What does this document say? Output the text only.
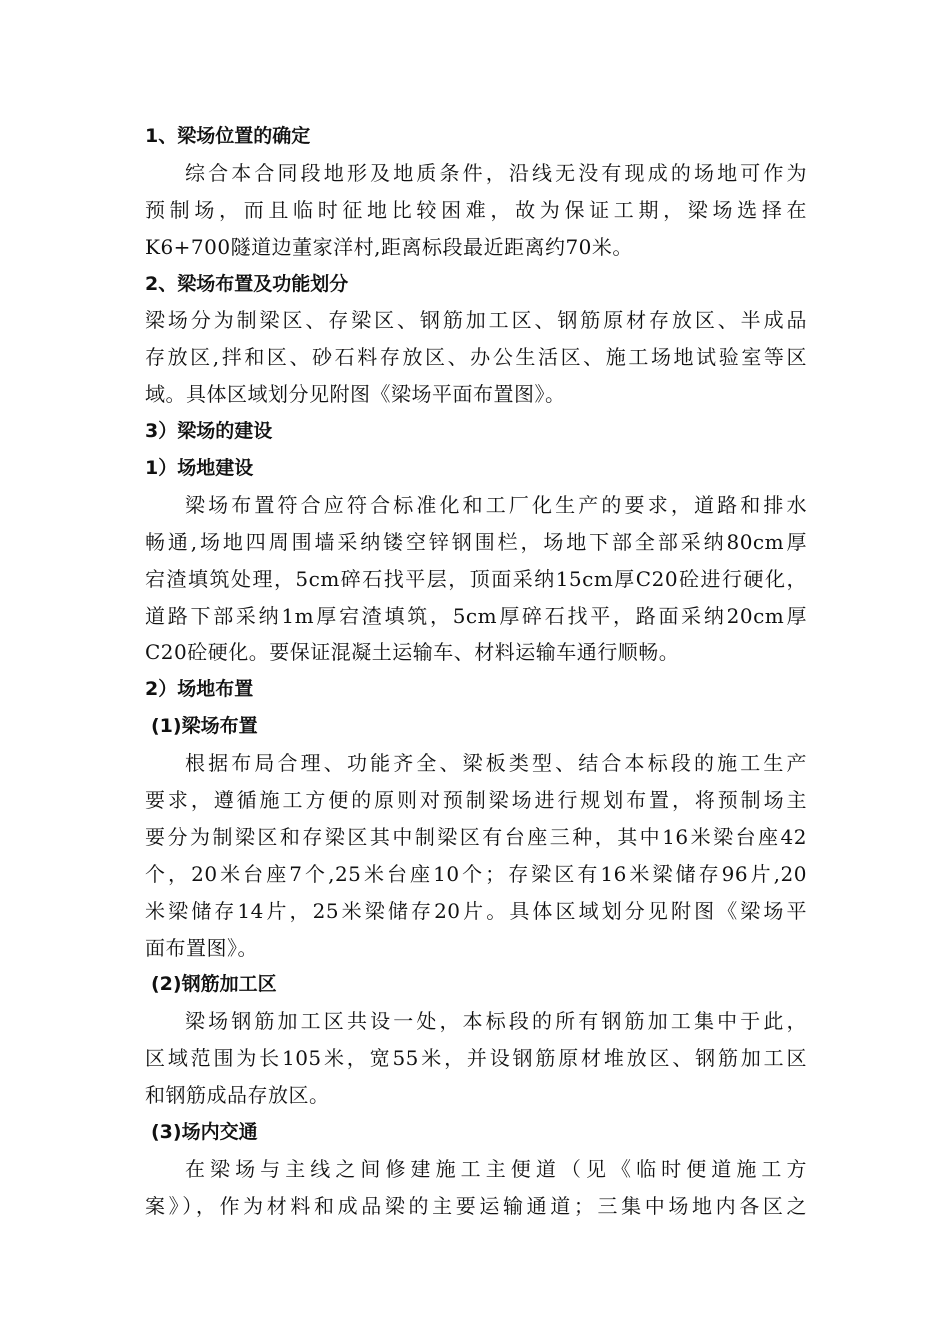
1、梁场位置的确定
综合本合同段地形及地质条件，沿线无没有现成的场地可作为
预制场，而且临时征地比较困难，故为保证工期，梁场选择在
K6+700隧道边董家洋村,距离标段最近距离约70米。
2、梁场布置及功能划分
梁场分为制梁区、存梁区、钢筋加工区、钢筋原材存放区、半成品
存放区,拌和区、砂石料存放区、办公生活区、施工场地试验室等区
域。具体区域划分见附图《梁场平面布置图》。
3）梁场的建设
1）场地建设
梁场布置符合应符合标准化和工厂化生产的要求，道路和排水
畅通,场地四周围墙采纳镂空锌钢围栏，场地下部全部采纳80cm厚
宕渣填筑处理，5cm碎石找平层，顶面采纳15cm厚C20砼进行硬化，
道路下部采纳1m厚宕渣填筑，5cm厚碎石找平，路面采纳20cm厚
C20砼硬化。要保证混凝土运输车、材料运输车通行顺畅。
2）场地布置
(1)梁场布置
根据布局合理、功能齐全、梁板类型、结合本标段的施工生产
要求，遵循施工方便的原则对预制梁场进行规划布置，将预制场主
要分为制梁区和存梁区其中制梁区有台座三种，其中16米梁台座42
个，20米台座7个,25米台座10个；存梁区有16米梁储存96片,20
米梁储存14片，25米梁储存20片。具体区域划分见附图《梁场平
面布置图》。
(2)钢筋加工区
梁场钢筋加工区共设一处，本标段的所有钢筋加工集中于此，
区域范围为长105米，宽55米，并设钢筋原材堆放区、钢筋加工区
和钢筋成品存放区。
(3)场内交通
在梁场与主线之间修建施工主便道（见《临时便道施工方
案》），作为材料和成品梁的主要运输通道；三集中场地内各区之
